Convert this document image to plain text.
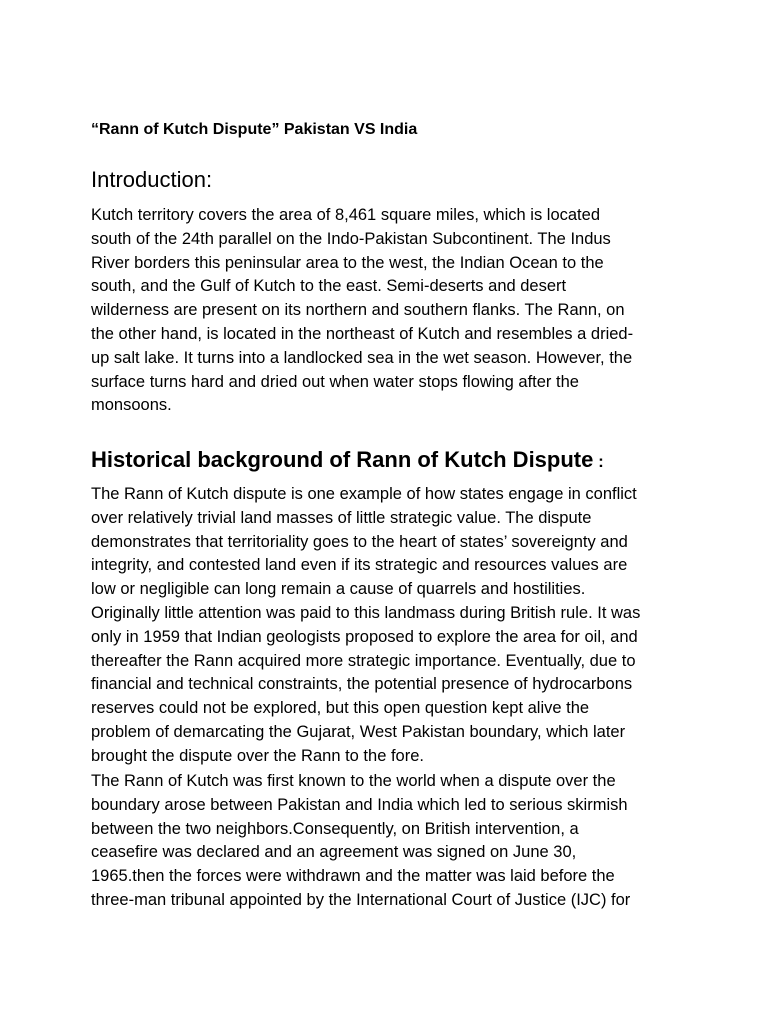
“Rann of Kutch Dispute” Pakistan VS India
Introduction:

Kutch territory covers the area of 8,461 square miles, which is located
south of the 24th parallel on the Indo-Pakistan Subcontinent. The Indus
River borders this peninsular area to the west, the Indian Ocean to the
south, and the Gulf of Kutch to the east. Semi-deserts and desert
wilderness are present on its northern and southern flanks. The Rann, on
the other hand, is located in the northeast of Kutch and resembles a dried-
up salt lake. It turns into a landlocked sea in the wet season. However, the
surface turns hard and dried out when water stops flowing after the
monsoons.

Historical background of Rann of Kutch Dispute :

The Rann of Kutch dispute is one example of how states engage in conflict
over relatively trivial land masses of little strategic value. The dispute
demonstrates that territoriality goes to the heart of states’ sovereignty and
integrity, and contested land even if its strategic and resources values are
low or negligible can long remain a cause of quarrels and hostilities.
Originally little attention was paid to this landmass during British rule. It was
only in 1959 that Indian geologists proposed to explore the area for oil, and
thereafter the Rann acquired more strategic importance. Eventually, due to
financial and technical constraints, the potential presence of hydrocarbons
reserves could not be explored, but this open question kept alive the
problem of demarcating the Gujarat, West Pakistan boundary, which later
brought the dispute over the Rann to the fore.

The Rann of Kutch was first known to the world when a dispute over the
boundary arose between Pakistan and India which led to serious skirmish
between the two neighbors.Consequently, on British intervention, a
ceasefire was declared and an agreement was signed on June 30,
1965.then the forces were withdrawn and the matter was laid before the
three-man tribunal appointed by the International Court of Justice (IJC) for
